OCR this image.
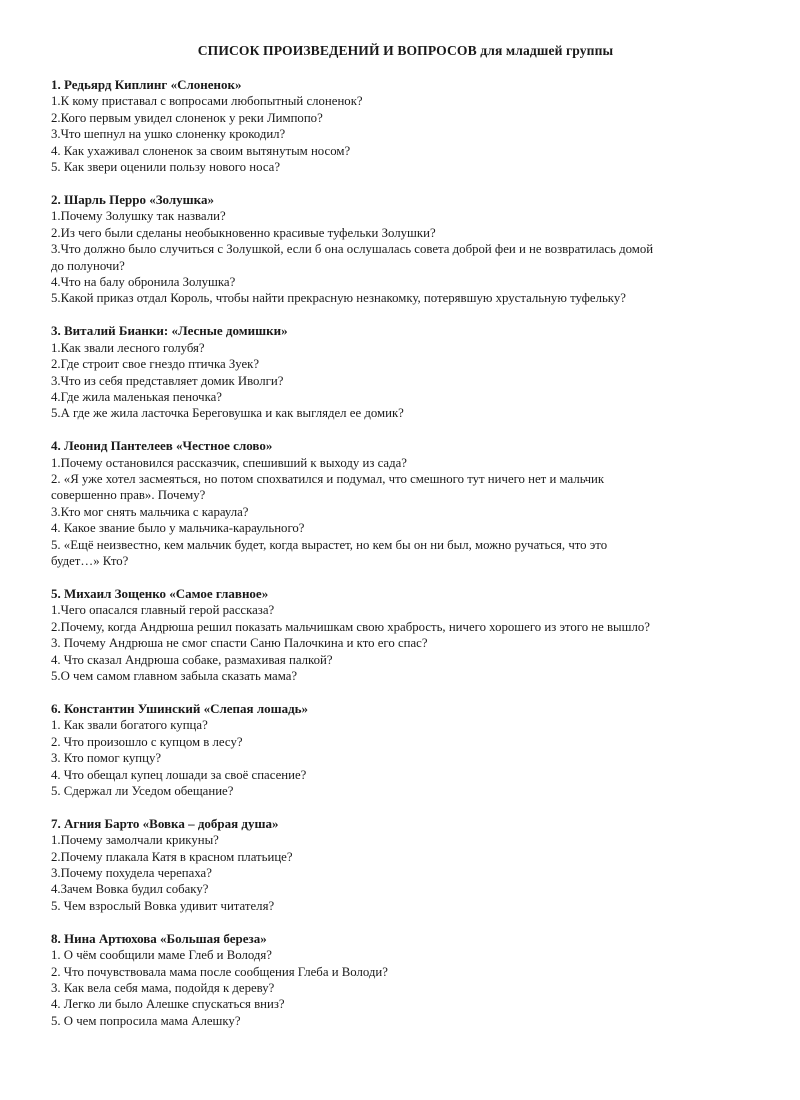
СПИСОК ПРОИЗВЕДЕНИЙ И ВОПРОСОВ для младшей группы
1. Редьярд Киплинг «Слоненок»
1.К кому приставал с вопросами любопытный слоненок?
2.Кого первым увидел слоненок у реки Лимпопо?
3.Что шепнул на ушко слоненку крокодил?
4. Как ухаживал слоненок за своим вытянутым носом?
5. Как звери оценили пользу нового носа?
2. Шарль Перро «Золушка»
1.Почему Золушку так назвали?
2.Из чего были сделаны необыкновенно красивые туфельки Золушки?
3.Что должно было случиться с Золушкой, если б она ослушалась совета доброй феи и не возвратилась домой
до полуночи?
4.Что на балу обронила Золушка?
5.Какой приказ отдал Король, чтобы найти прекрасную незнакомку, потерявшую хрустальную туфельку?
3. Виталий Бианки: «Лесные домишки»
1.Как звали лесного голубя?
2.Где строит свое гнездо птичка Зуек?
3.Что из себя представляет домик Иволги?
4.Где жила маленькая пеночка?
5.А где же жила ласточка Береговушка и как выглядел ее домик?
4. Леонид Пантелеев «Честное слово»
1.Почему остановился рассказчик, спешивший к выходу из сада?
2. «Я уже хотел засмеяться, но потом спохватился и подумал, что смешного тут ничего нет и мальчик
совершенно прав». Почему?
3.Кто мог снять мальчика с караула?
4. Какое звание было у мальчика-караульного?
5. «Ещё неизвестно, кем мальчик будет, когда вырастет, но кем бы он ни был, можно ручаться, что это
будет…» Кто?
5. Михаил Зощенко «Самое главное»
1.Чего опасался главный герой рассказа?
2.Почему, когда Андрюша решил показать мальчишкам свою храбрость, ничего хорошего из этого не вышло?
3. Почему Андрюша не смог спасти Саню Палочкина и кто его спас?
4. Что сказал Андрюша собаке, размахивая палкой?
5.О чем самом главном забыла сказать мама?
6. Константин Ушинский «Слепая лошадь»
1. Как звали богатого купца?
2. Что произошло с купцом в лесу?
3. Кто помог купцу?
4. Что обещал купец лошади за своё спасение?
5. Сдержал ли Уседом обещание?
7. Агния Барто «Вовка – добрая душа»
1.Почему замолчали крикуны?
2.Почему плакала Катя в красном платьице?
3.Почему похудела черепаха?
4.Зачем Вовка будил собаку?
5. Чем взрослый Вовка удивит читателя?
8. Нина Артюхова «Большая береза»
1. О чём сообщили маме Глеб и Володя?
2. Что почувствовала мама после сообщения Глеба и Володи?
3. Как вела себя мама, подойдя к дереву?
4. Легко ли было Алешке спускаться вниз?
5. О чем попросила мама Алешку?
